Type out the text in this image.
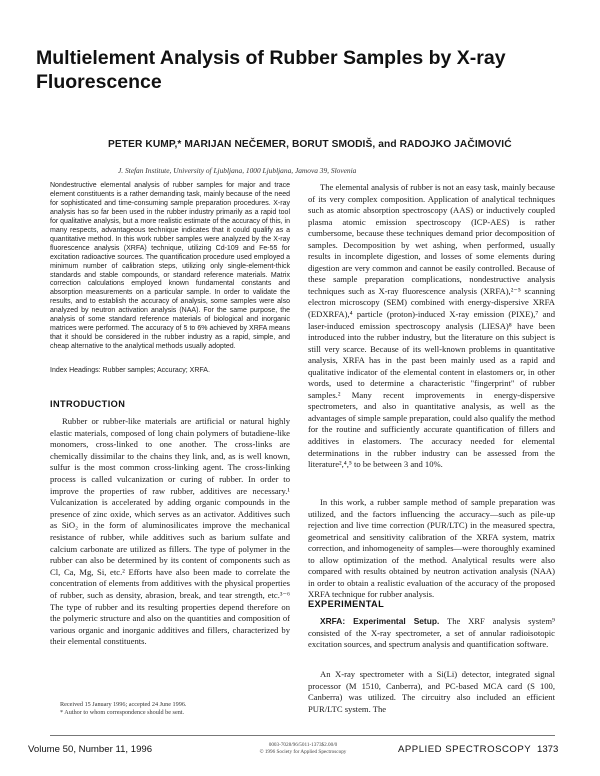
Multielement Analysis of Rubber Samples by X-ray Fluorescence
PETER KUMP,* MARIJAN NEČEMER, BORUT SMODIŠ, and RADOJKO JAČIMOVIĆ
J. Stefan Institute, University of Ljubljana, 1000 Ljubljana, Jamova 39, Slovenia
Nondestructive elemental analysis of rubber samples for major and trace element constituents is a rather demanding task, mainly because of the need for sophisticated and time-consuming sample preparation procedures. X-ray analysis has so far been used in the rubber industry primarily as a rapid tool for qualitative analysis, but a more realistic estimate of the accuracy of this, in many respects, advantageous technique indicates that it could qualify as a quantitative method. In this work rubber samples were analyzed by the X-ray fluorescence analysis (XRFA) technique, utilizing Cd-109 and Fe-55 for excitation radioactive sources. The quantification procedure used employed a minimum number of calibration steps, utilizing only single-element-thick standards and stable compounds, or standard reference materials. Matrix correction calculations employed known fundamental constants and absorption measurements on a particular sample. In order to validate the results, and to establish the accuracy of analysis, some samples were also analyzed by neutron activation analysis (NAA). For the same purpose, the analysis of some standard reference materials of biological and inorganic matrices were performed. The accuracy of 5 to 6% achieved by XRFA means that it should be considered in the rubber industry as a rapid, simple, and cheap alternative to the analytical methods usually adopted.
Index Headings: Rubber samples; Accuracy; XRFA.
INTRODUCTION
Rubber or rubber-like materials are artificial or natural highly elastic materials, composed of long chain polymers of butadiene-like monomers, cross-linked to one another. The cross-links are chemically dissimilar to the chains they link, and, as is well known, sulfur is the most common cross-linking agent. The cross-linking process is called vulcanization or curing of rubber. In order to improve the properties of raw rubber, additives are necessary.¹ Vulcanization is accelerated by adding organic compounds in the presence of zinc oxide, which serves as an activator. Additives such as SiO₂ in the form of aluminosilicates improve the mechanical resistance of rubber, while additives such as barium sulfate and calcium carbonate are utilized as fillers. The type of polymer in the rubber can also be determined by its content of components such as Cl, Ca, Mg, Si, etc.² Efforts have also been made to correlate the concentration of elements from additives with the physical properties of rubber, such as density, abrasion, break, and tear strength, etc.³⁻⁶ The type of rubber and its resulting properties depend therefore on the polymeric structure and also on the quantities and composition of various organic and inorganic additives and fillers, characterized by their elemental constituents.
Received 15 January 1996; accepted 24 June 1996.
* Author to whom correspondence should be sent.
The elemental analysis of rubber is not an easy task, mainly because of its very complex composition. Application of analytical techniques such as atomic absorption spectroscopy (AAS) or inductively coupled plasma atomic emission spectroscopy (ICP-AES) is rather cumbersome, because these techniques demand prior decomposition of samples. Decomposition by wet ashing, when performed, usually results in incomplete digestion, and losses of some elements during digestion are very common and cannot be easily controlled. Because of these sample preparation complications, nondestructive analysis techniques such as X-ray fluorescence analysis (XRFA),²⁻⁵ scanning electron microscopy (SEM) combined with energy-dispersive XRFA (EDXRFA),⁴ particle (proton)-induced X-ray emission (PIXE),⁷ and laser-induced emission spectroscopy analysis (LIESA)⁸ have been introduced into the rubber industry, but the literature on this subject is still very scarce. Because of its well-known problems in quantitative analysis, XRFA has in the past been mainly used as a rapid and qualitative indicator of the elemental content in elastomers or, in other words, used to determine a characteristic "fingerprint" of rubber samples.² Many recent improvements in energy-dispersive spectrometers, and also in quantitative analysis, as well as the advantages of simple sample preparation, could also qualify the method for the routine and sufficiently accurate quantification of fillers and additives in elastomers. The accuracy needed for elemental determinations in the rubber industry can be assessed from the literature²,⁴,⁵ to be between 3 and 10%.
In this work, a rubber sample method of sample preparation was utilized, and the factors influencing the accuracy—such as pile-up rejection and live time correction (PUR/LTC) in the measured spectra, geometrical and sensitivity calibration of the XRFA system, matrix correction, and inhomogeneity of samples—were thoroughly examined to allow optimization of the method. Analytical results were also compared with results obtained by neutron activation analysis (NAA) in order to obtain a realistic evaluation of the accuracy of the proposed XRFA technique for rubber analysis.
EXPERIMENTAL
XRFA: Experimental Setup. The XRF analysis system⁹ consisted of the X-ray spectrometer, a set of annular radioisotopic excitation sources, and spectrum analysis and quantification software.
An X-ray spectrometer with a Si(Li) detector, integrated signal processor (M 1510, Canberra), and PC-based MCA card (S 100, Canberra) was utilized. The circuitry also included an efficient PUR/LTC system. The
Volume 50, Number 11, 1996	0003-7028/96/5011-1373$2.00/0
© 1996 Society for Applied Spectroscopy	APPLIED SPECTROSCOPY 1373
